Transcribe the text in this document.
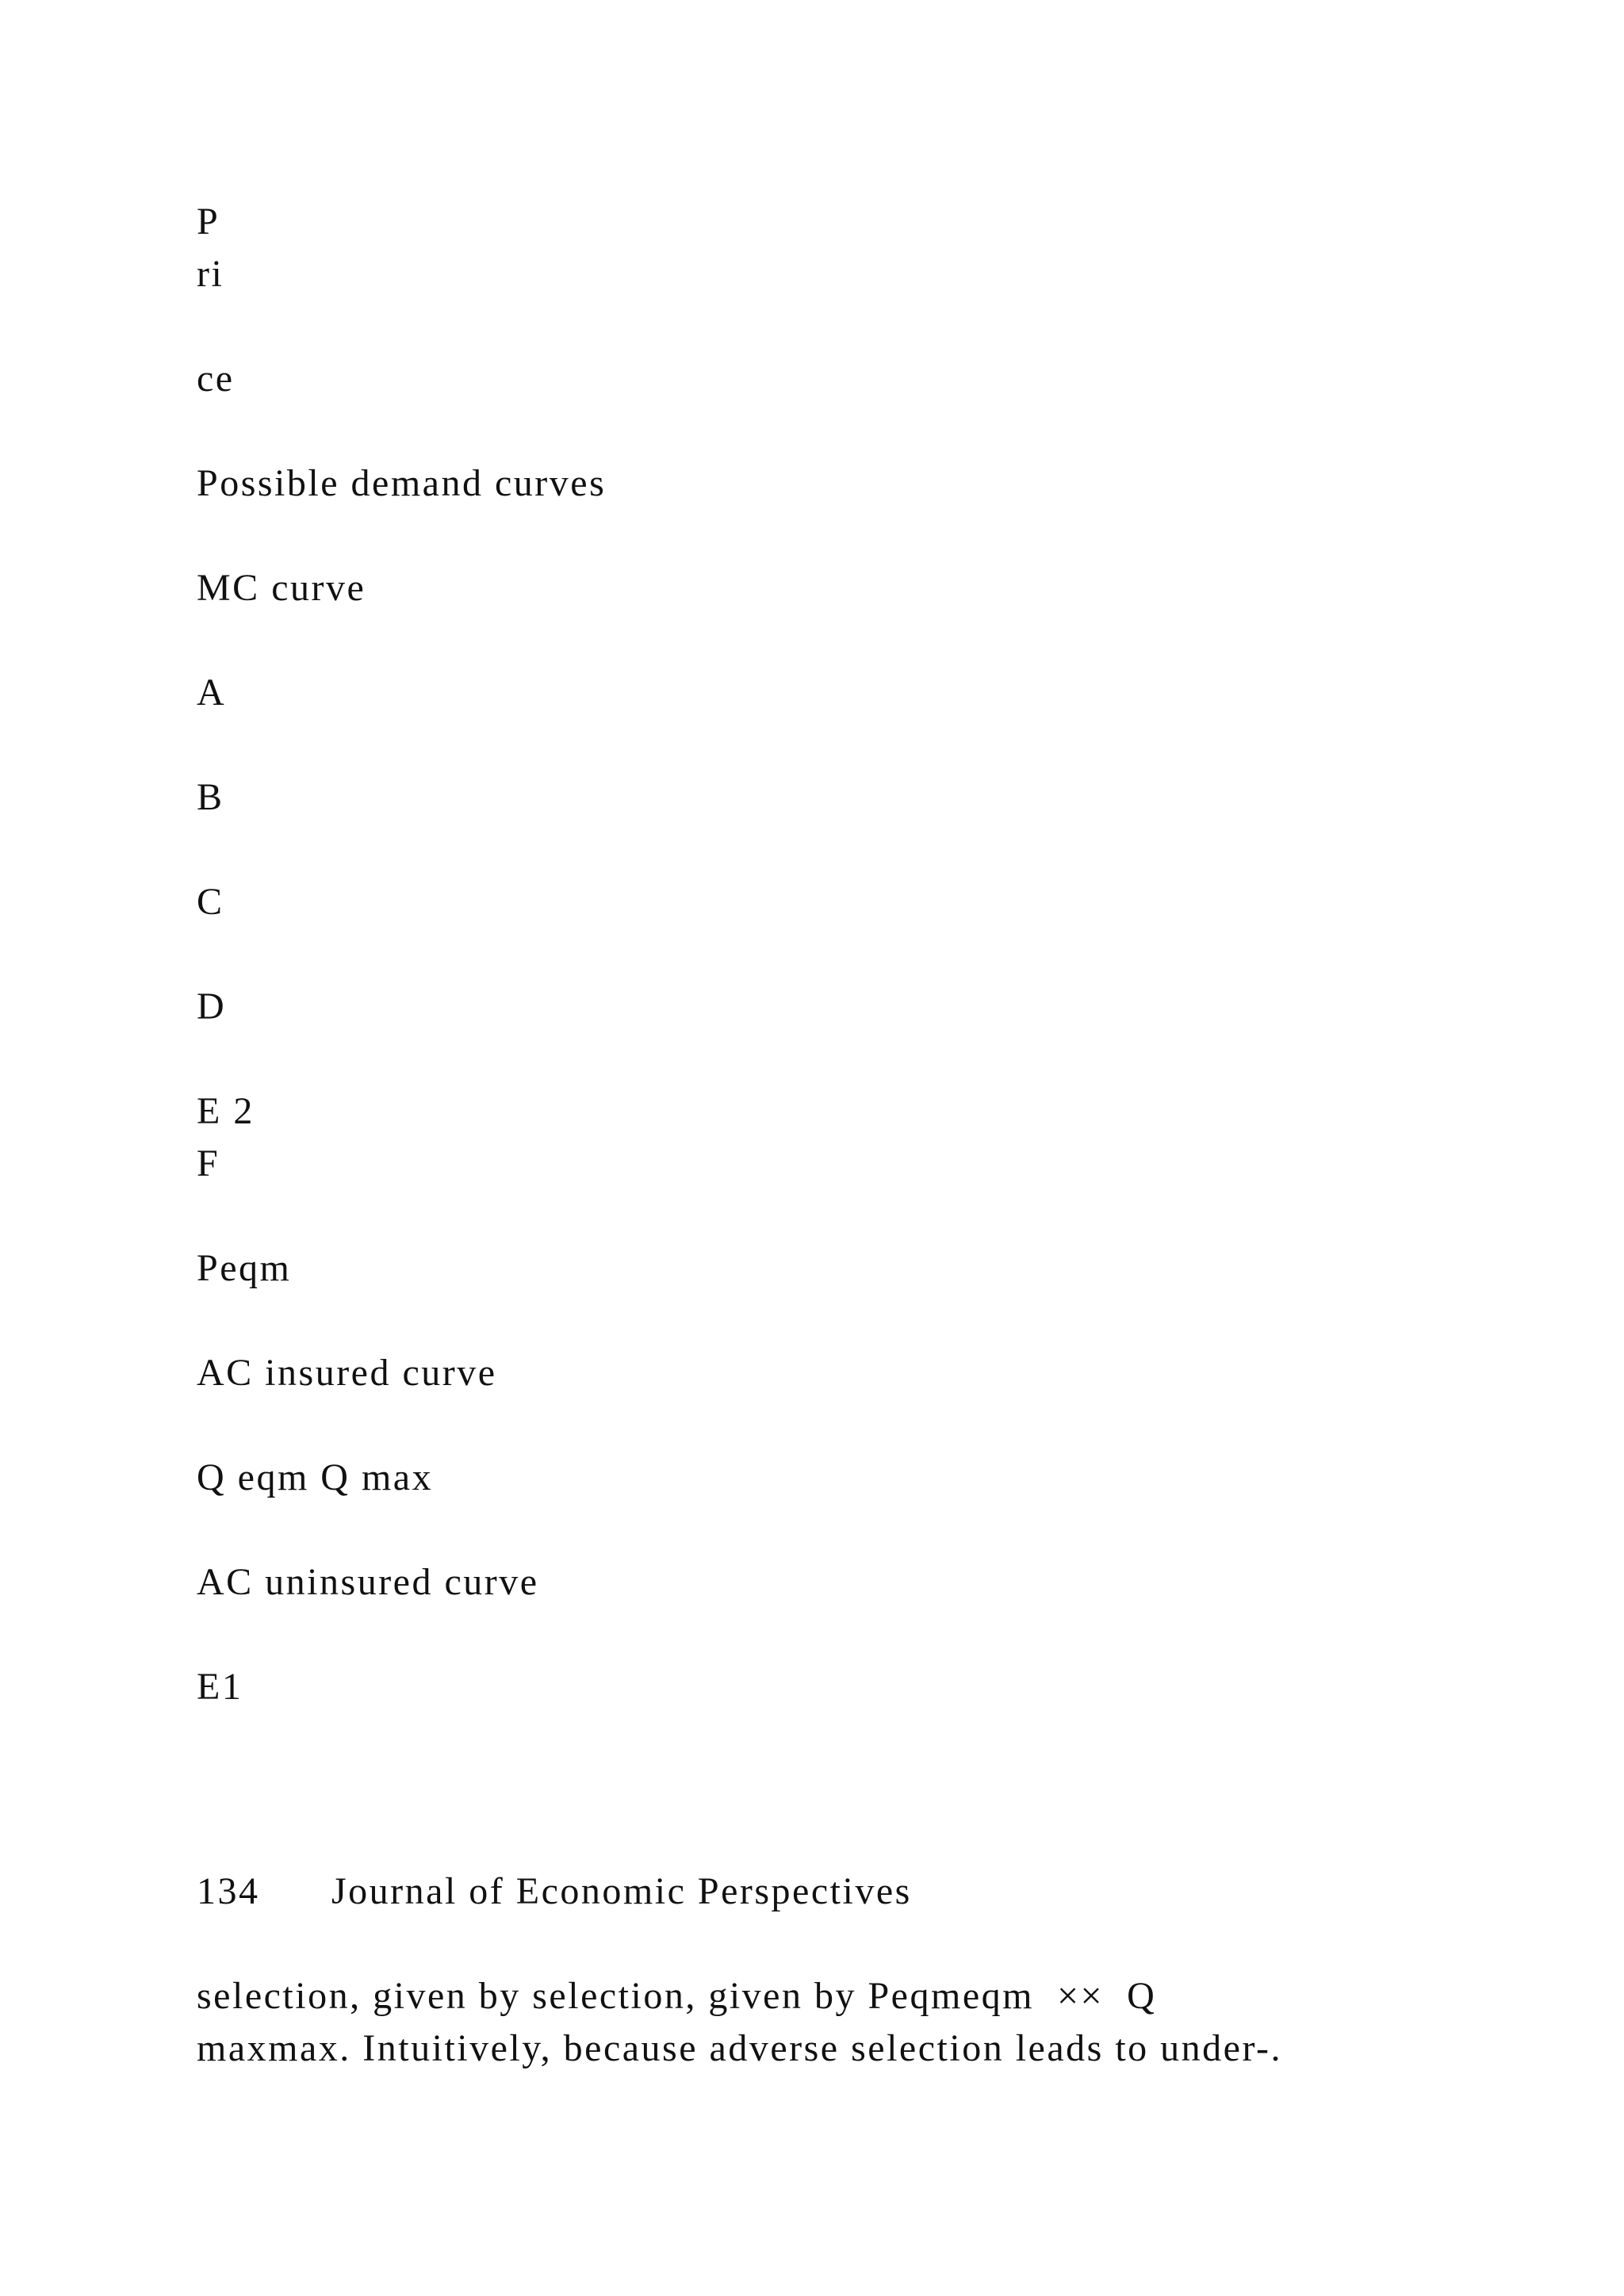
P

ri

ce

Possible demand curves

MC curve

A

B

C

D

E 2

F

Peqm

AC insured curve

Q eqm Q max

AC uninsured curve

E1

134 Journal of Economic Perspectives

selection, given by selection, given by Peqmeqm  ××  Q

maxmax. Intuitively, because adverse selection leads to under-.
